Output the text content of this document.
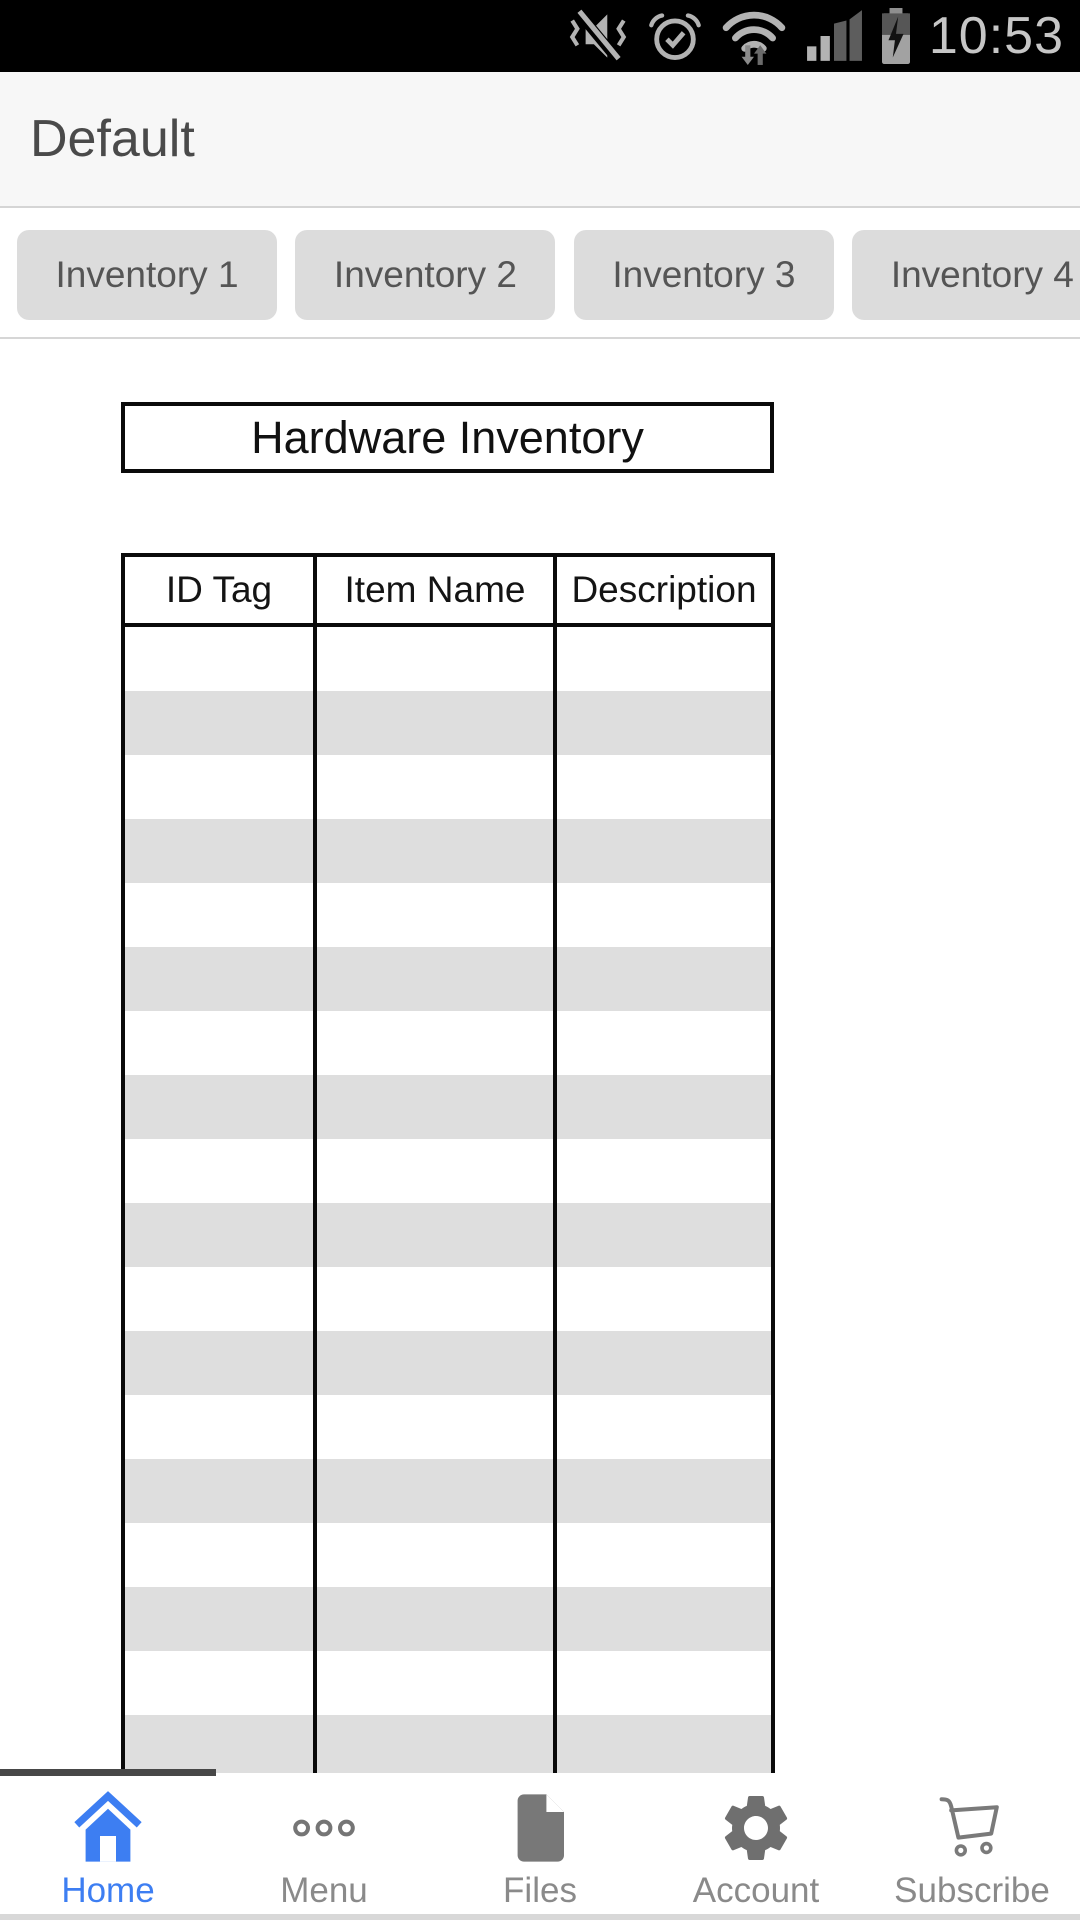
10:53
Default
Inventory 1	Inventory 2	Inventory 3	Inventory 4
Hardware Inventory
ID Tag	Item Name	Description
Home	Menu	Files	Account Subscribe
